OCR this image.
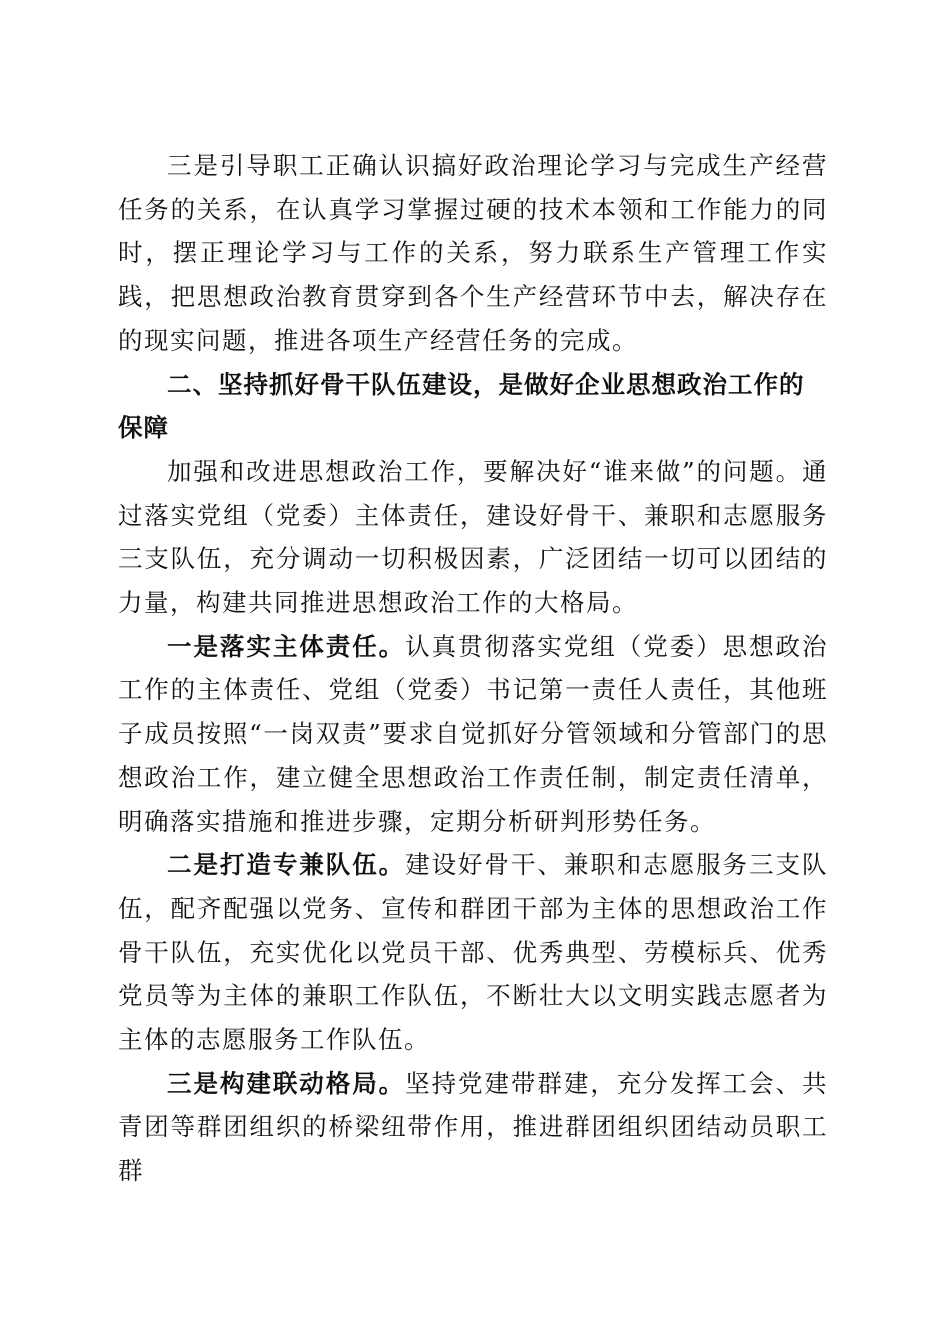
三是引导职工正确认识搞好政治理论学习与完成生产经营任务的关系，在认真学习掌握过硬的技术本领和工作能力的同时，摆正理论学习与工作的关系，努力联系生产管理工作实践，把思想政治教育贯穿到各个生产经营环节中去，解决存在的现实问题，推进各项生产经营任务的完成。

二、坚持抓好骨干队伍建设，是做好企业思想政治工作的保障

加强和改进思想政治工作，要解决好“谁来做”的问题。通过落实党组（党委）主体责任，建设好骨干、兼职和志愿服务三支队伍，充分调动一切积极因素，广泛团结一切可以团结的力量，构建共同推进思想政治工作的大格局。

一是落实主体责任。认真贯彻落实党组（党委）思想政治工作的主体责任、党组（党委）书记第一责任人责任，其他班子成员按照“一岗双责”要求自觉抓好分管领域和分管部门的思想政治工作，建立健全思想政治工作责任制，制定责任清单，明确落实措施和推进步骤，定期分析研判形势任务。

二是打造专兼队伍。建设好骨干、兼职和志愿服务三支队伍，配齐配强以党务、宣传和群团干部为主体的思想政治工作骨干队伍，充实优化以党员干部、优秀典型、劳模标兵、优秀党员等为主体的兼职工作队伍，不断壮大以文明实践志愿者为主体的志愿服务工作队伍。

三是构建联动格局。坚持党建带群建，充分发挥工会、共青团等群团组织的桥梁纽带作用，推进群团组织团结动员职工群
